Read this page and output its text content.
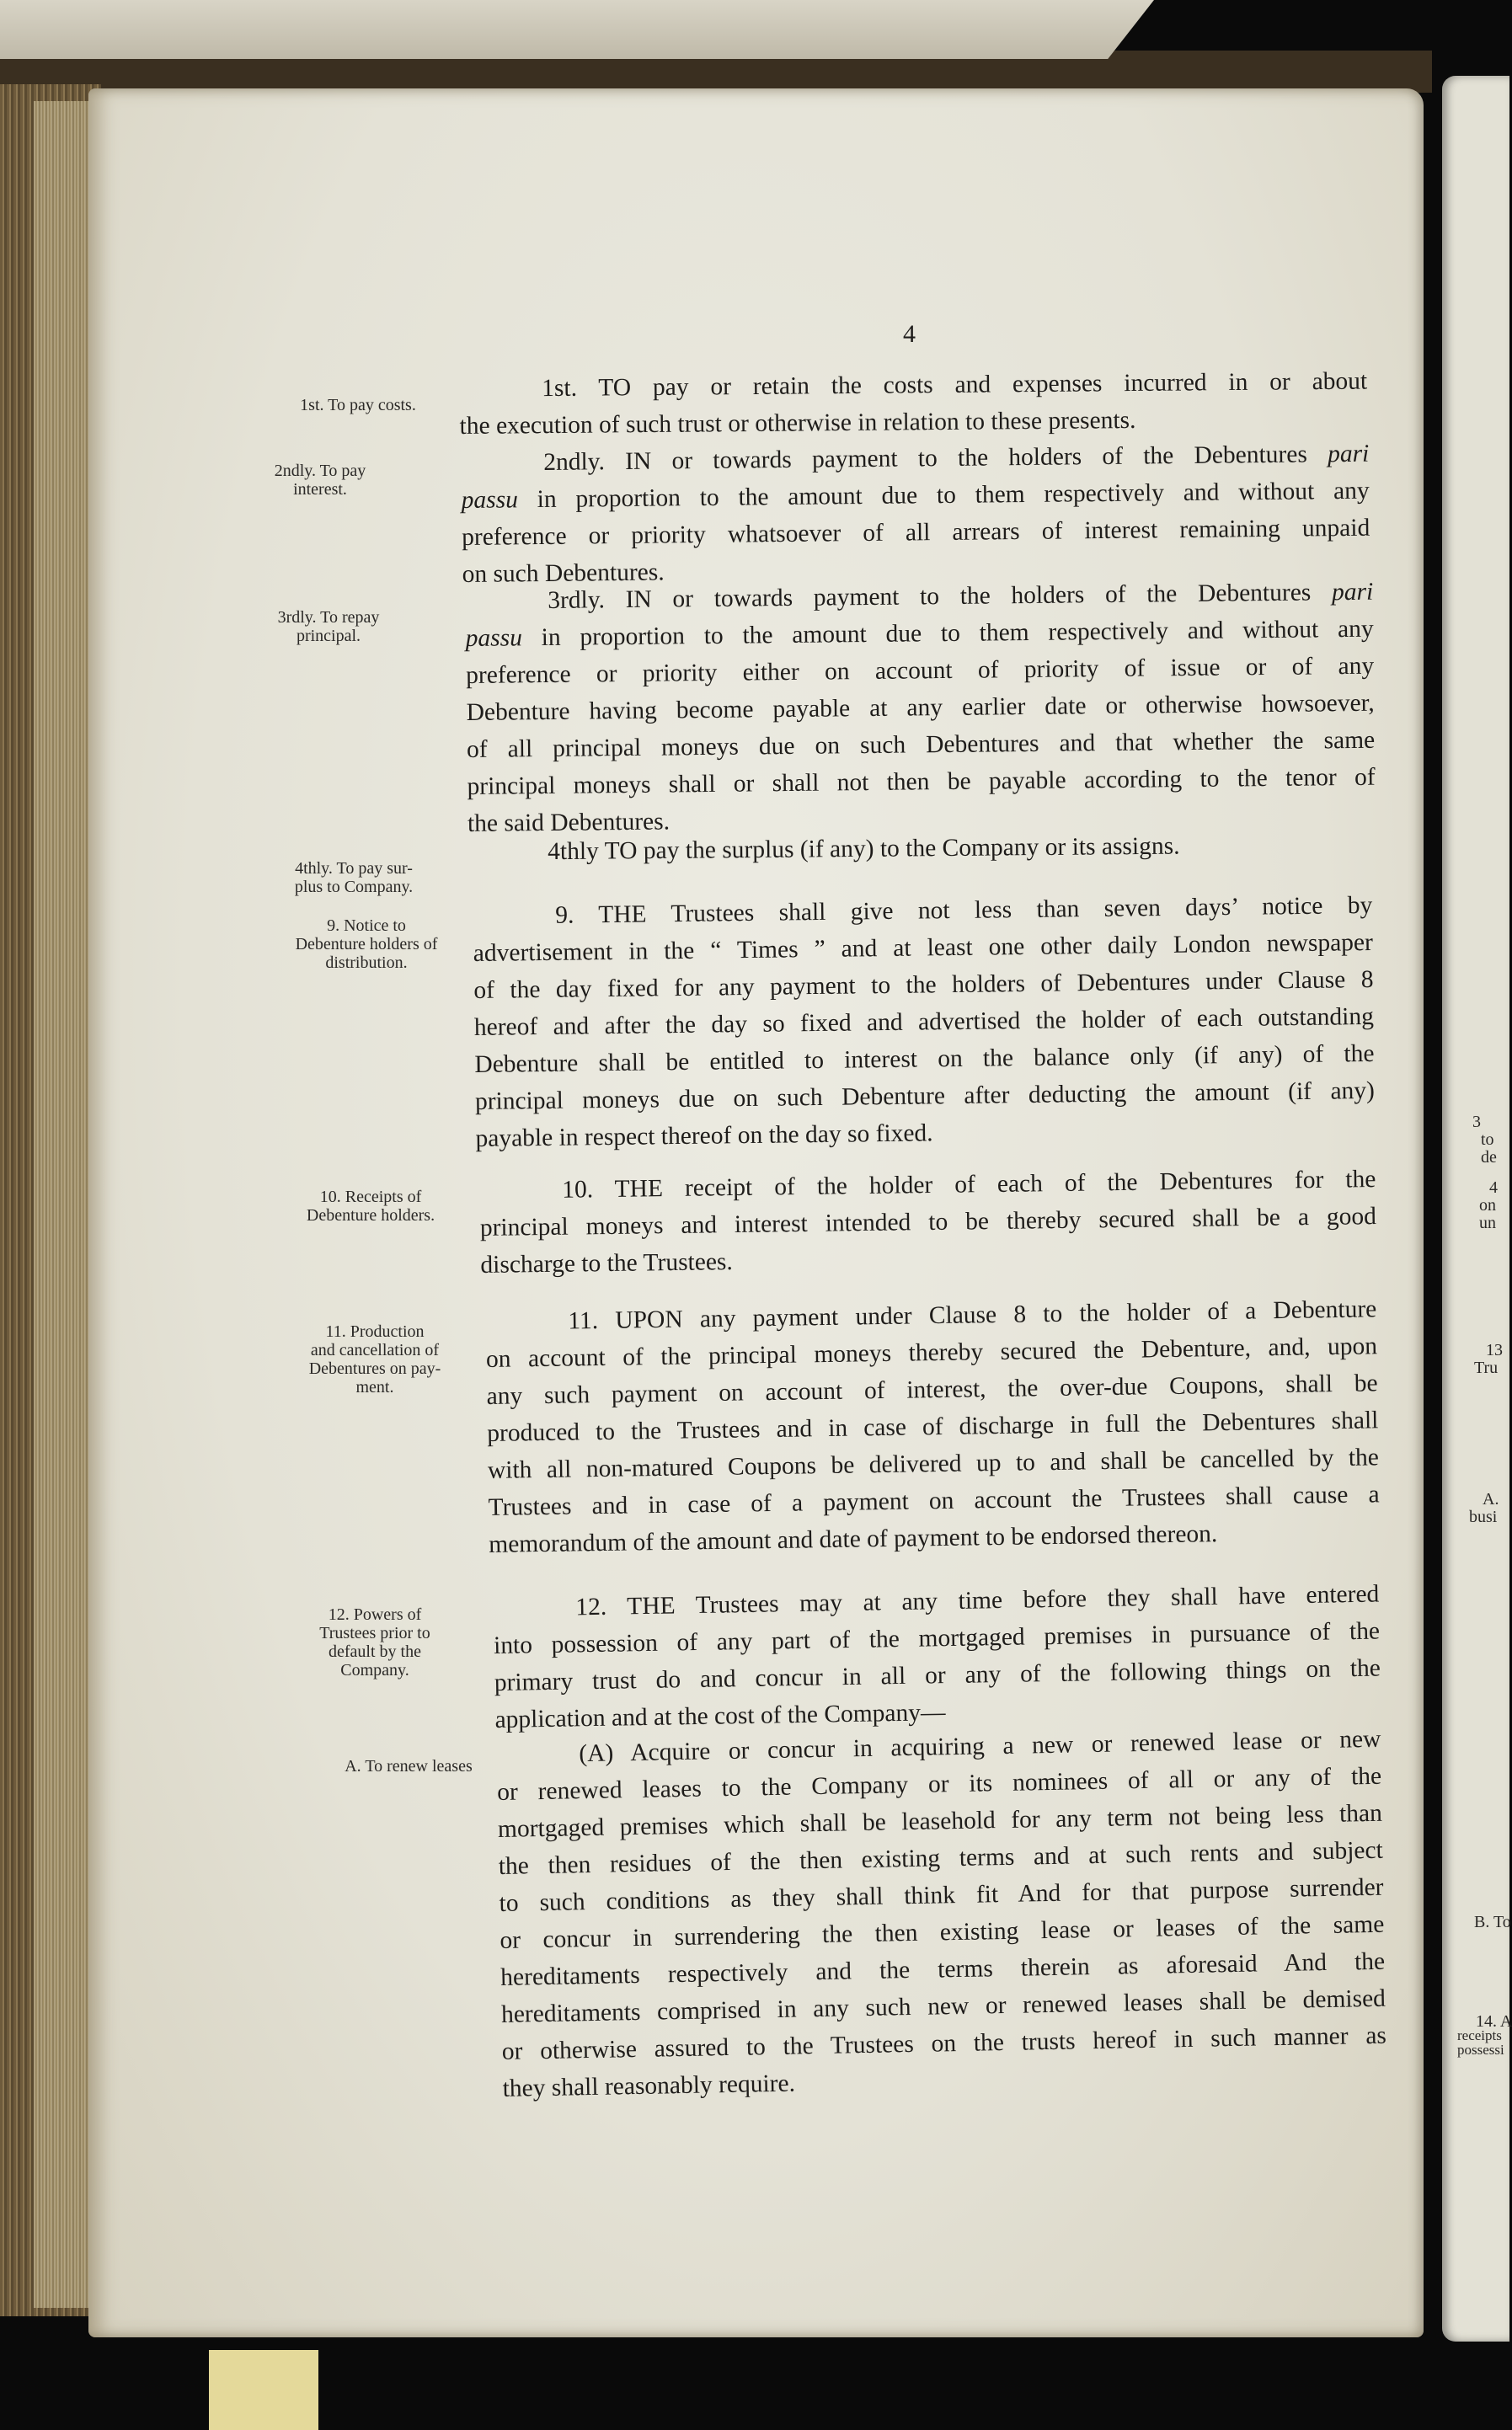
3
to
de
4
on
un
13
Tru
A.
busi
B. To
14. A
receipts
possessi
4
1st. TO pay or retain the costs and expenses incurred in or about
the execution of such trust or otherwise in relation to these presents.
2ndly. IN or towards payment to the holders of the Debentures pari
passu in proportion to the amount due to them respectively and without any
preference or priority whatsoever of all arrears of interest remaining unpaid
on such Debentures.
3rdly. IN or towards payment to the holders of the Debentures pari
passu in proportion to the amount due to them respectively and without any
preference or priority either on account of priority of issue or of any
Debenture having become payable at any earlier date or otherwise howsoever,
of all principal moneys due on such Debentures and that whether the same
principal moneys shall or shall not then be payable according to the tenor of
the said Debentures.
4thly TO pay the surplus (if any) to the Company or its assigns.
9. THE Trustees shall give not less than seven days’ notice by
advertisement in the “ Times ” and at least one other daily London newspaper
of the day fixed for any payment to the holders of Debentures under Clause 8
hereof and after the day so fixed and advertised the holder of each outstanding
Debenture shall be entitled to interest on the balance only (if any) of the
principal moneys due on such Debenture after deducting the amount (if any)
payable in respect thereof on the day so fixed.
10. THE receipt of the holder of each of the Debentures for the
principal moneys and interest intended to be thereby secured shall be a good
discharge to the Trustees.
11. UPON any payment under Clause 8 to the holder of a Debenture
on account of the principal moneys thereby secured the Debenture, and, upon
any such payment on account of interest, the over-due Coupons, shall be
produced to the Trustees and in case of discharge in full the Debentures shall
with all non-matured Coupons be delivered up to and shall be cancelled by the
Trustees and in case of a payment on account the Trustees shall cause a
memorandum of the amount and date of payment to be endorsed thereon.
12. THE Trustees may at any time before they shall have entered
into possession of any part of the mortgaged premises in pursuance of the
primary trust do and concur in all or any of the following things on the
application and at the cost of the Company—
(A) Acquire or concur in acquiring a new or renewed lease or new
or renewed leases to the Company or its nominees of all or any of the
mortgaged premises which shall be leasehold for any term not being less than
the then residues of the then existing terms and at such rents and subject
to such conditions as they shall think fit And for that purpose surrender
or concur in surrendering the then existing lease or leases of the same
hereditaments respectively and the terms therein as aforesaid And the
hereditaments comprised in any such new or renewed leases shall be demised
or otherwise assured to the Trustees on the trusts hereof in such manner as
they shall reasonably require.
1st. To pay costs.
2ndly. To pay
interest.
3rdly. To repay
principal.
4thly. To pay sur-
plus to Company.
9. Notice to
Debenture holders of
distribution.
10. Receipts of
Debenture holders.
11. Production
and cancellation of
Debentures on pay-
ment.
12. Powers of
Trustees prior to
default by the
Company.
A. To renew leases
